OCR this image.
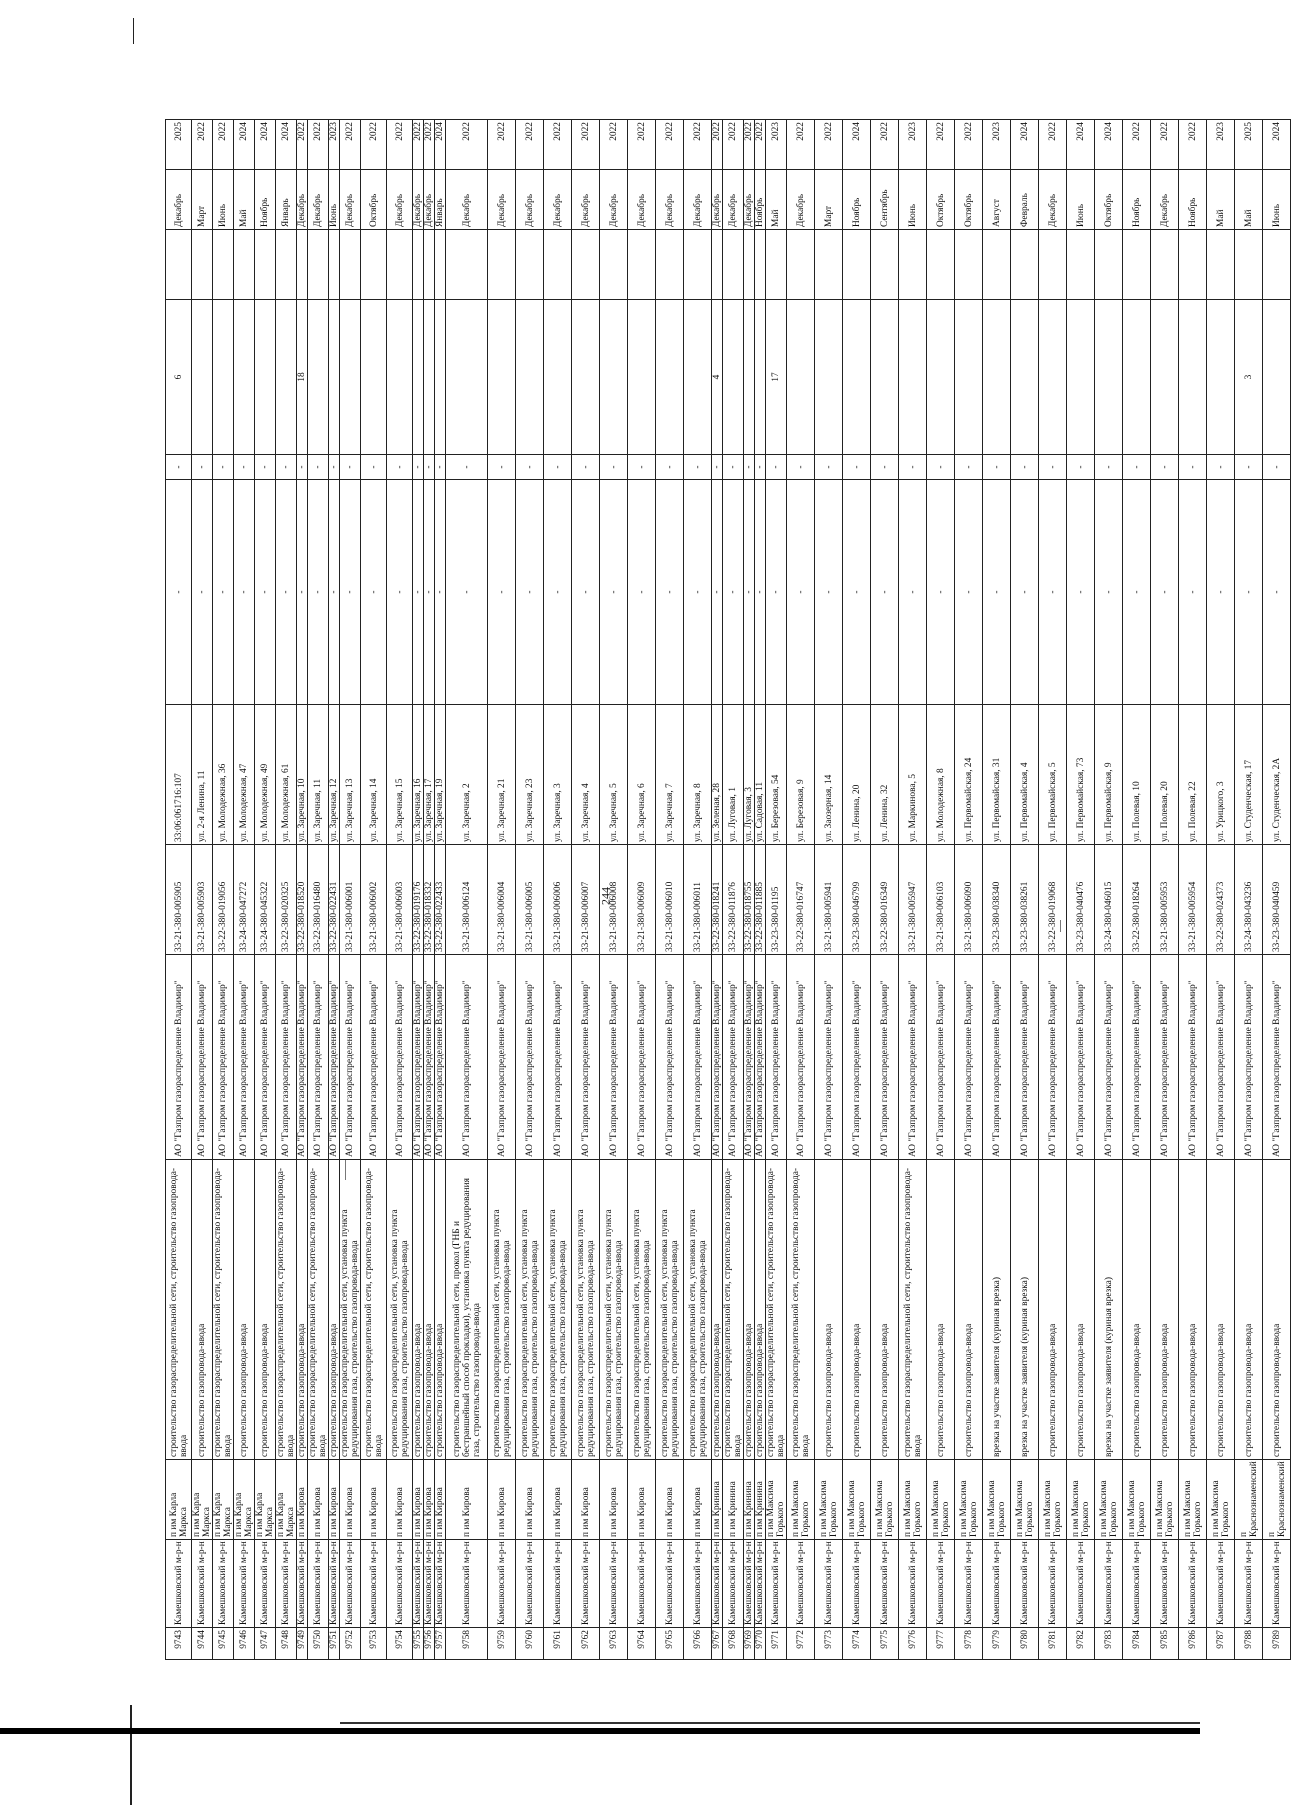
244
9743	Камешковский м-р-н	п им Карла Маркса	строительство газораспределительной сети, строительство газопровода-ввода	АО "Газпром газораспределение Владимир"	33-21-380-005905	33:06:061716:107	-	-	6		Декабрь	2025
9744	Камешковский м-р-н	п им Карла Маркса	строительство газопровода-ввода	АО "Газпром газораспределение Владимир"	33-21-380-005903	ул. 2-я Ленина, 11	-	-			Март	2022
9745	Камешковский м-р-н	п им Карла Маркса	строительство газораспределительной сети, строительство газопровода-ввода	АО "Газпром газораспределение Владимир"	33-22-380-019056	ул. Молодежная, 36	-	-			Июнь	2022
9746	Камешковский м-р-н	п им Карла Маркса	строительство газопровода-ввода	АО "Газпром газораспределение Владимир"	33-24-380-047272	ул. Молодежная, 47	-	-			Май	2024
9747	Камешковский м-р-н	п им Карла Маркса	строительство газопровода-ввода	АО "Газпром газораспределение Владимир"	33-24-380-045322	ул. Молодежная, 49	-	-			Ноябрь	2024
9748	Камешковский м-р-н	п им Карла Маркса	строительство газораспределительной сети, строительство газопровода-ввода	АО "Газпром газораспределение Владимир"	33-22-380-020325	ул. Молодежная, 61	-	-			Январь	2024
9749	Камешковский м-р-н	п им Кирова	строительство газопровода-ввода	АО "Газпром газораспределение Владимир"	33-22-380-018520	ул. Заречная, 10	-	-	18		Декабрь	2022
9750	Камешковский м-р-н	п им Кирова	строительство газораспределительной сети, строительство газопровода-ввода	АО "Газпром газораспределение Владимир"	33-22-380-016480	ул. Заречная, 11	-	-			Декабрь	2022
9751	Камешковский м-р-н	п им Кирова	строительство газопровода-ввода	АО "Газпром газораспределение Владимир"	33-22-380-022431	ул. Заречная, 12	-	-			Июнь	2023
9752	Камешковский м-р-н	п им Кирова	строительство газораспределительной сети, установка пункта редуцирования газа, строительство газопровода-ввода	АО "Газпром газораспределение Владимир"	33-21-380-006001	ул. Заречная, 13	-	-			Декабрь	2022
9753	Камешковский м-р-н	п им Кирова	строительство газораспределительной сети, строительство газопровода-ввода	АО "Газпром газораспределение Владимир"	33-21-380-006002	ул. Заречная, 14	-	-			Октябрь	2022
9754	Камешковский м-р-н	п им Кирова	строительство газораспределительной сети, установка пункта редуцирования газа, строительство газопровода-ввода	АО "Газпром газораспределение Владимир"	33-21-380-006003	ул. Заречная, 15	-	-			Декабрь	2022
9755	Камешковский м-р-н	п им Кирова	строительство газопровода-ввода	АО "Газпром газораспределение Владимир"	33-22-380-019176	ул. Заречная, 16	-	-			Декабрь	2022
9756	Камешковский м-р-н	п им Кирова	строительство газопровода-ввода	АО "Газпром газораспределение Владимир"	33-22-380-018332	ул. Заречная, 17	-	-			Декабрь	2022
9757	Камешковский м-р-н	п им Кирова	строительство газопровода-ввода	АО "Газпром газораспределение Владимир"	33-22-380-022433	ул. Заречная, 19	-	-			Январь	2024
9758	Камешковский м-р-н	п им Кирова	строительство газораспределительной сети, прокол (ГНБ и бестраншейный способ прокладки), установка пункта редуцирования газа, строительство газопровода-ввода	АО "Газпром газораспределение Владимир"	33-21-380-006124	ул. Заречная, 2	-	-			Декабрь	2022
9759	Камешковский м-р-н	п им Кирова	строительство газораспределительной сети, установка пункта редуцирования газа, строительство газопровода-ввода	АО "Газпром газораспределение Владимир"	33-21-380-006004	ул. Заречная, 21	-	-			Декабрь	2022
9760	Камешковский м-р-н	п им Кирова	строительство газораспределительной сети, установка пункта редуцирования газа, строительство газопровода-ввода	АО "Газпром газораспределение Владимир"	33-21-380-006005	ул. Заречная, 23	-	-			Декабрь	2022
9761	Камешковский м-р-н	п им Кирова	строительство газораспределительной сети, установка пункта редуцирования газа, строительство газопровода-ввода	АО "Газпром газораспределение Владимир"	33-21-380-006006	ул. Заречная, 3	-	-			Декабрь	2022
9762	Камешковский м-р-н	п им Кирова	строительство газораспределительной сети, установка пункта редуцирования газа, строительство газопровода-ввода	АО "Газпром газораспределение Владимир"	33-21-380-006007	ул. Заречная, 4	-	-			Декабрь	2022
9763	Камешковский м-р-н	п им Кирова	строительство газораспределительной сети, установка пункта редуцирования газа, строительство газопровода-ввода	АО "Газпром газораспределение Владимир"	33-21-380-006008	ул. Заречная, 5	-	-			Декабрь	2022
9764	Камешковский м-р-н	п им Кирова	строительство газораспределительной сети, установка пункта редуцирования газа, строительство газопровода-ввода	АО "Газпром газораспределение Владимир"	33-21-380-006009	ул. Заречная, 6	-	-			Декабрь	2022
9765	Камешковский м-р-н	п им Кирова	строительство газораспределительной сети, установка пункта редуцирования газа, строительство газопровода-ввода	АО "Газпром газораспределение Владимир"	33-21-380-006010	ул. Заречная, 7	-	-			Декабрь	2022
9766	Камешковский м-р-н	п им Кирова	строительство газораспределительной сети, установка пункта редуцирования газа, строительство газопровода-ввода	АО "Газпром газораспределение Владимир"	33-21-380-006011	ул. Заречная, 8	-	-			Декабрь	2022
9767	Камешковский м-р-н	п им Кринина	строительство газопровода-ввода	АО "Газпром газораспределение Владимир"	33-22-380-018241	ул. Зеленая, 28	-	-	4		Декабрь	2022
9768	Камешковский м-р-н	п им Кринина	строительство газораспределительной сети, строительство газопровода-ввода	АО "Газпром газораспределение Владимир"	33-22-380-011876	ул. Луговая, 1	-	-			Декабрь	2022
9769	Камешковский м-р-н	п им Кринина	строительство газопровода-ввода	АО "Газпром газораспределение Владимир"	33-22-380-018755	ул. Луговая, 3	-	-			Декабрь	2022
9770	Камешковский м-р-н	п им Кринина	строительство газопровода-ввода	АО "Газпром газораспределение Владимир"	33-22-380-011885	ул. Садовая, 11	-	-			Ноябрь	2022
9771	Камешковский м-р-н	п им Максима Горького	строительство газораспределительной сети, строительство газопровода-ввода	АО "Газпром газораспределение Владимир"	33-23-380-01195	ул. Березовая, 54	-	-	17		Май	2023
9772	Камешковский м-р-н	п им Максима Горького	строительство газораспределительной сети, строительство газопровода-ввода	АО "Газпром газораспределение Владимир"	33-22-380-016747	ул. Березовая, 9	-	-			Декабрь	2022
9773	Камешковский м-р-н	п им Максима Горького	строительство газопровода-ввода	АО "Газпром газораспределение Владимир"	33-21-380-005941	ул. Заозерная, 14	-	-			Март	2022
9774	Камешковский м-р-н	п им Максима Горького	строительство газопровода-ввода	АО "Газпром газораспределение Владимир"	33-23-380-046799	ул. Ленина, 20	-	-			Ноябрь	2024
9775	Камешковский м-р-н	п им Максима Горького	строительство газопровода-ввода	АО "Газпром газораспределение Владимир"	33-22-380-016349	ул. Ленина, 32	-	-			Сентябрь	2022
9776	Камешковский м-р-н	п им Максима Горького	строительство газораспределительной сети, строительство газопровода-ввода	АО "Газпром газораспределение Владимир"	33-21-380-005947	ул. Маркинова, 5	-	-			Июнь	2023
9777	Камешковский м-р-н	п им Максима Горького	строительство газопровода-ввода	АО "Газпром газораспределение Владимир"	33-21-380-006103	ул. Молодежная, 8	-	-			Октябрь	2022
9778	Камешковский м-р-н	п им Максима Горького	строительство газопровода-ввода	АО "Газпром газораспределение Владимир"	33-21-380-006090	ул. Первомайская, 24	-	-			Октябрь	2022
9779	Камешковский м-р-н	п им Максима Горького	врезка на участке заявителя (куриная врезка)	АО "Газпром газораспределение Владимир"	33-23-380-038340	ул. Первомайская, 31	-	-			Август	2023
9780	Камешковский м-р-н	п им Максима Горького	врезка на участке заявителя (куриная врезка)	АО "Газпром газораспределение Владимир"	33-23-380-038261	ул. Первомайская, 4	-	-			Февраль	2024
9781	Камешковский м-р-н	п им Максима Горького	строительство газопровода-ввода	АО "Газпром газораспределение Владимир"	33-22-380-019068	ул. Первомайская, 5	-	-			Декабрь	2022
9782	Камешковский м-р-н	п им Максима Горького	строительство газопровода-ввода	АО "Газпром газораспределение Владимир"	33-23-380-040476	ул. Первомайская, 73	-	-			Июнь	2024
9783	Камешковский м-р-н	п им Максима Горького	врезка на участке заявителя (куриная врезка)	АО "Газпром газораспределение Владимир"	33-24-380-046015	ул. Первомайская, 9	-	-			Октябрь	2024
9784	Камешковский м-р-н	п им Максима Горького	строительство газопровода-ввода	АО "Газпром газораспределение Владимир"	33-22-380-018264	ул. Полевая, 10	-	-			Ноябрь	2022
9785	Камешковский м-р-н	п им Максима Горького	строительство газопровода-ввода	АО "Газпром газораспределение Владимир"	33-21-380-005953	ул. Полевая, 20	-	-			Декабрь	2022
9786	Камешковский м-р-н	п им Максима Горького	строительство газопровода-ввода	АО "Газпром газораспределение Владимир"	33-21-380-005954	ул. Полевая, 22	-	-			Ноябрь	2022
9787	Камешковский м-р-н	п им Максима Горького	строительство газопровода-ввода	АО "Газпром газораспределение Владимир"	33-22-380-024373	ул. Урицкого, 3	-	-			Май	2023
9788	Камешковский м-р-н	п Краснознаменский	строительство газопровода-ввода	АО "Газпром газораспределение Владимир"	33-24-380-043236	ул. Студенческая, 17	-	-	3		Май	2025
9789	Камешковский м-р-н	п Краснознаменский	строительство газопровода-ввода	АО "Газпром газораспределение Владимир"	33-23-380-040459	ул. Студенческая, 2А	-	-			Июнь	2024
